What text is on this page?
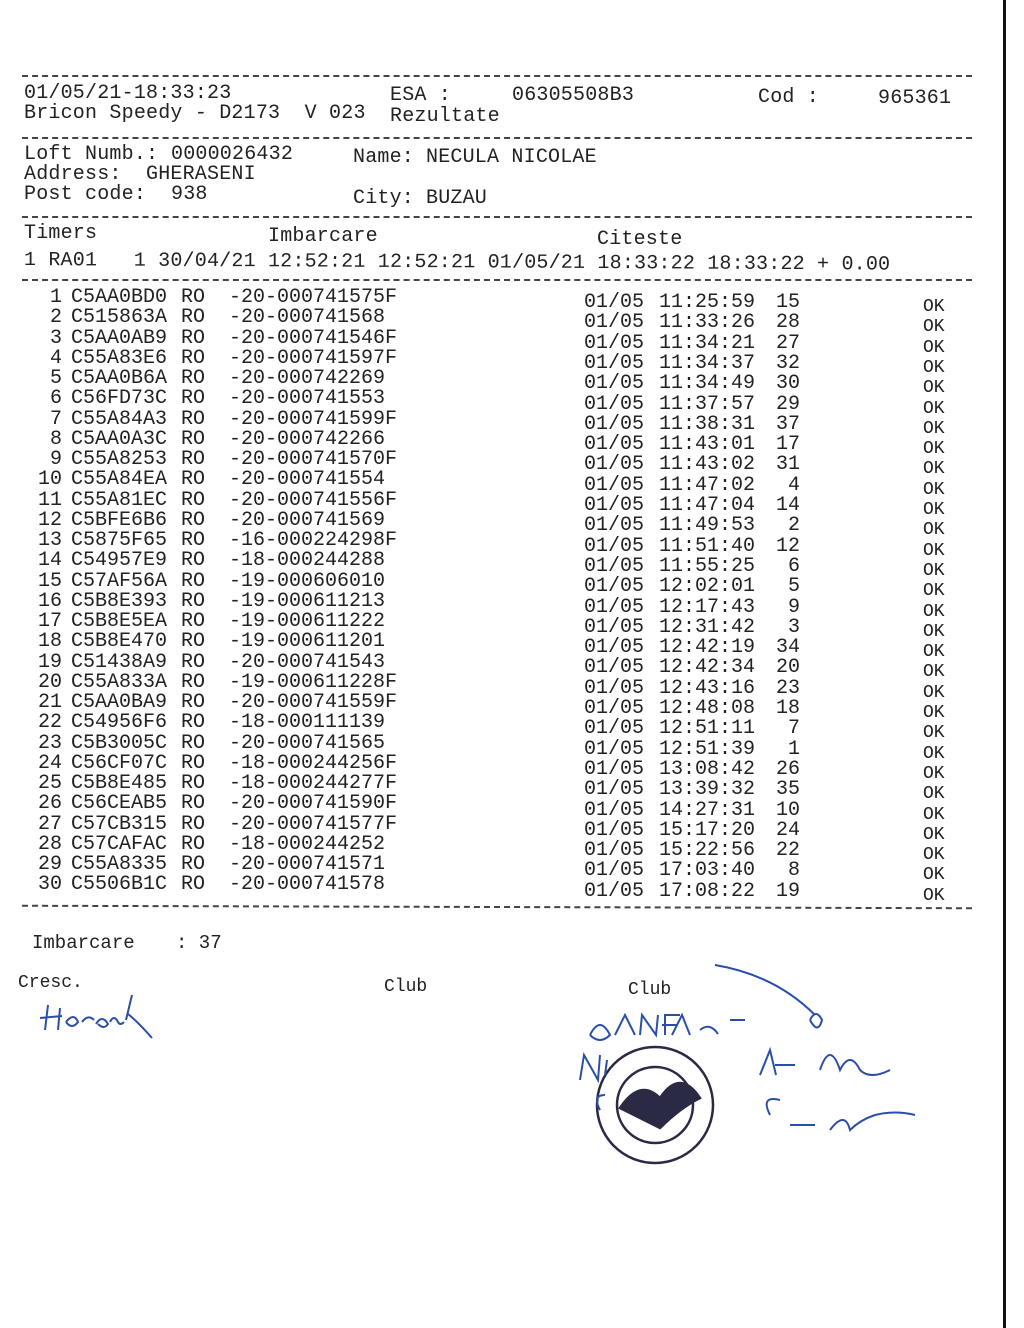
01/05/21-18:33:23	ESA :	06305508B3	Cod :	965361
Bricon Speedy - D2173  V 023 Rezultate
Loft Numb.: 0000026432	Name: NECULA NICOLAE
Address: GHERASENI
Post code: 938	City: BUZAU
Timers	Imbarcare	Citeste
1 RA01   1 30/04/21 12:52:21 12:52:21 01/05/21 18:33:22 18:33:22 + 0.00
1 C5AA0BD0 RO -20-000741575F	01/05 11:25:59 15	OK
2 C515863A RO -20-000741568	01/05 11:33:26 28	OK
3 C5AA0AB9 RO -20-000741546F	01/05 11:34:21 27	OK
4 C55A83E6 RO -20-000741597F	01/05 11:34:37 32	OK
5 C5AA0B6A RO -20-000742269	01/05 11:34:49 30	OK
6 C56FD73C RO -20-000741553	01/05 11:37:57 29	OK
7 C55A84A3 RO -20-000741599F	01/05 11:38:31 37	OK
8 C5AA0A3C RO -20-000742266	01/05 11:43:01 17	OK
9 C55A8253 RO -20-000741570F	01/05 11:43:02 31	OK
10 C55A84EA RO -20-000741554	01/05 11:47:02	4	OK
11 C55A81EC RO -20-000741556F	01/05 11:47:04 14	OK
12 C5BFE6B6 RO -20-000741569	01/05 11:49:53	2	OK
13 C5875F65 RO -16-000224298F	01/05 11:51:40 12	OK
14 C54957E9 RO -18-000244288	01/05 11:55:25	6	OK
15 C57AF56A RO -19-000606010	01/05 12:02:01	5	OK
16 C5B8E393 RO -19-000611213	01/05 12:17:43	9	OK
17 C5B8E5EA RO -19-000611222	01/05 12:31:42	3	OK
18 C5B8E470 RO -19-000611201	01/05 12:42:19 34	OK
19 C51438A9 RO -20-000741543	01/05 12:42:34 20	OK
20 C55A833A RO -19-000611228F	01/05 12:43:16 23	OK
21 C5AA0BA9 RO -20-000741559F	01/05 12:48:08 18	OK
22 C54956F6 RO -18-000111139	01/05 12:51:11	7	OK
23 C5B3005C RO -20-000741565	01/05 12:51:39	1	OK
24 C56CF07C RO -18-000244256F	01/05 13:08:42 26	OK
25 C5B8E485 RO -18-000244277F	01/05 13:39:32 35	OK
26 C56CEAB5 RO -20-000741590F	01/05 14:27:31 10	OK
27 C57CB315 RO -20-000741577F	01/05 15:17:20 24	OK
28 C57CAFAC RO -18-000244252	01/05 15:22:56 22	OK
29 C55A8335 RO -20-000741571	01/05 17:03:40	8	OK
30 C5506B1C RO -20-000741578	01/05 17:08:22 19	OK
Imbarcare : 37
Cresc.	Club	Club
